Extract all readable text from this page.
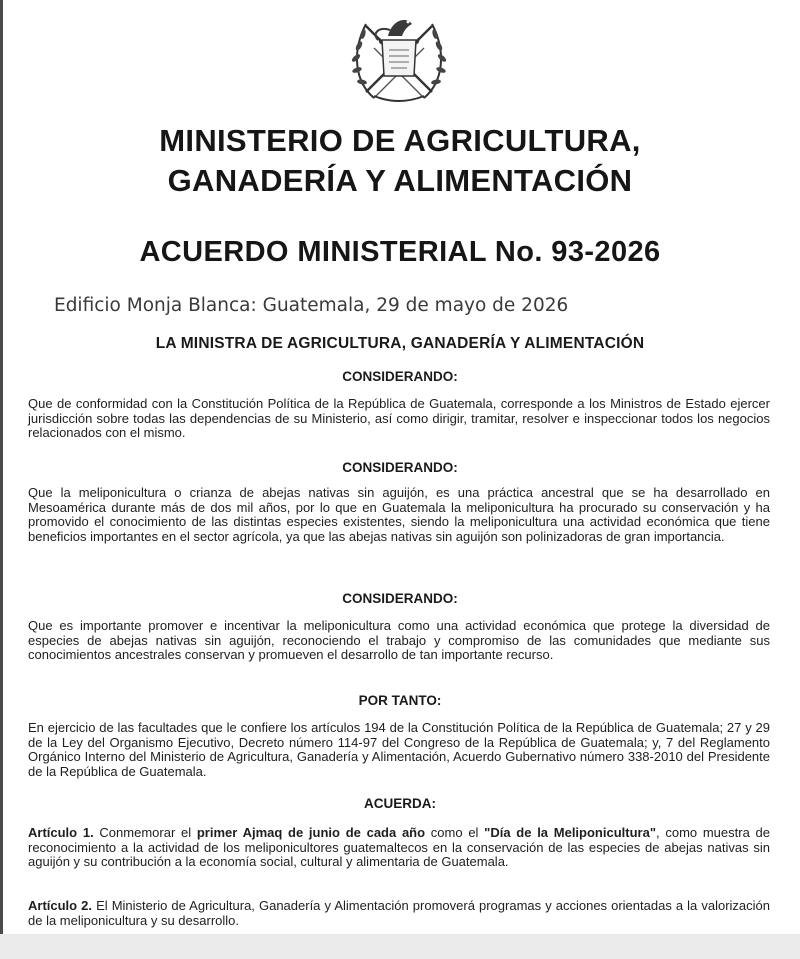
MINISTERIO DE AGRICULTURA,
GANADERÍA Y ALIMENTACIÓN
ACUERDO MINISTERIAL No. 93-2026
Edificio Monja Blanca: Guatemala, 29 de mayo de 2026
LA MINISTRA DE AGRICULTURA, GANADERÍA Y ALIMENTACIÓN
CONSIDERANDO:
Que de conformidad con la Constitución Política de la República de Guatemala, corresponde a los Ministros de Estado ejercer jurisdicción sobre todas las dependencias de su Ministerio, así como dirigir, tramitar, resolver e inspeccionar todos los negocios relacionados con el mismo.
CONSIDERANDO:
Que la meliponicultura o crianza de abejas nativas sin aguijón, es una práctica ancestral que se ha desarrollado en Mesoamérica durante más de dos mil años, por lo que en Guatemala la meliponicultura ha procurado su conservación y ha promovido el conocimiento de las distintas especies existentes, siendo la meliponicultura una actividad económica que tiene beneficios importantes en el sector agrícola, ya que las abejas nativas sin aguijón son polinizadoras de gran importancia.
CONSIDERANDO:
Que es importante promover e incentivar la meliponicultura como una actividad económica que protege la diversidad de especies de abejas nativas sin aguijón, reconociendo el trabajo y compromiso de las comunidades que mediante sus conocimientos ancestrales conservan y promueven el desarrollo de tan importante recurso.
POR TANTO:
En ejercicio de las facultades que le confiere los artículos 194 de la Constitución Política de la República de Guatemala; 27 y 29 de la Ley del Organismo Ejecutivo, Decreto número 114-97 del Congreso de la República de Guatemala; y, 7 del Reglamento Orgánico Interno del Ministerio de Agricultura, Ganadería y Alimentación, Acuerdo Gubernativo número 338-2010 del Presidente de la República de Guatemala.
ACUERDA:
Artículo 1. Conmemorar el primer Ajmaq de junio de cada año como el "Día de la Meliponicultura", como muestra de reconocimiento a la actividad de los meliponicultores guatemaltecos en la conservación de las especies de abejas nativas sin aguijón y su contribución a la economía social, cultural y alimentaria de Guatemala.
Artículo 2. El Ministerio de Agricultura, Ganadería y Alimentación promoverá programas y acciones orientadas a la valorización de la meliponicultura y su desarrollo.
